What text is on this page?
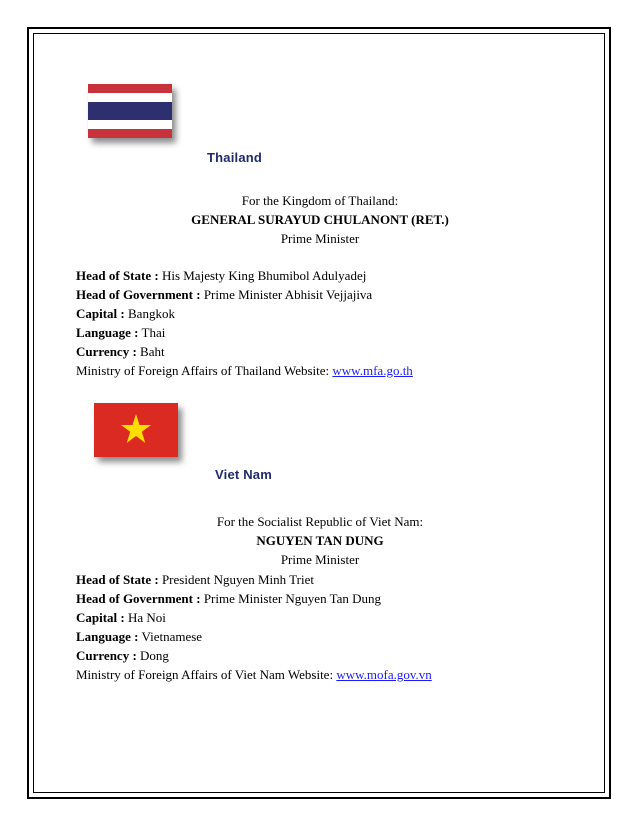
Thailand
For the Kingdom of Thailand:
GENERAL SURAYUD CHULANONT (RET.)
Prime Minister
Head of State : His Majesty King Bhumibol Adulyadej
Head of Government : Prime Minister Abhisit Vejjajiva
Capital : Bangkok
Language : Thai
Currency : Baht
Ministry of Foreign Affairs of Thailand Website: www.mfa.go.th
Viet Nam
For the Socialist Republic of Viet Nam:
NGUYEN TAN DUNG
Prime Minister
Head of State : President Nguyen Minh Triet
Head of Government : Prime Minister Nguyen Tan Dung
Capital : Ha Noi
Language : Vietnamese
Currency : Dong
Ministry of Foreign Affairs of Viet Nam Website: www.mofa.gov.vn
